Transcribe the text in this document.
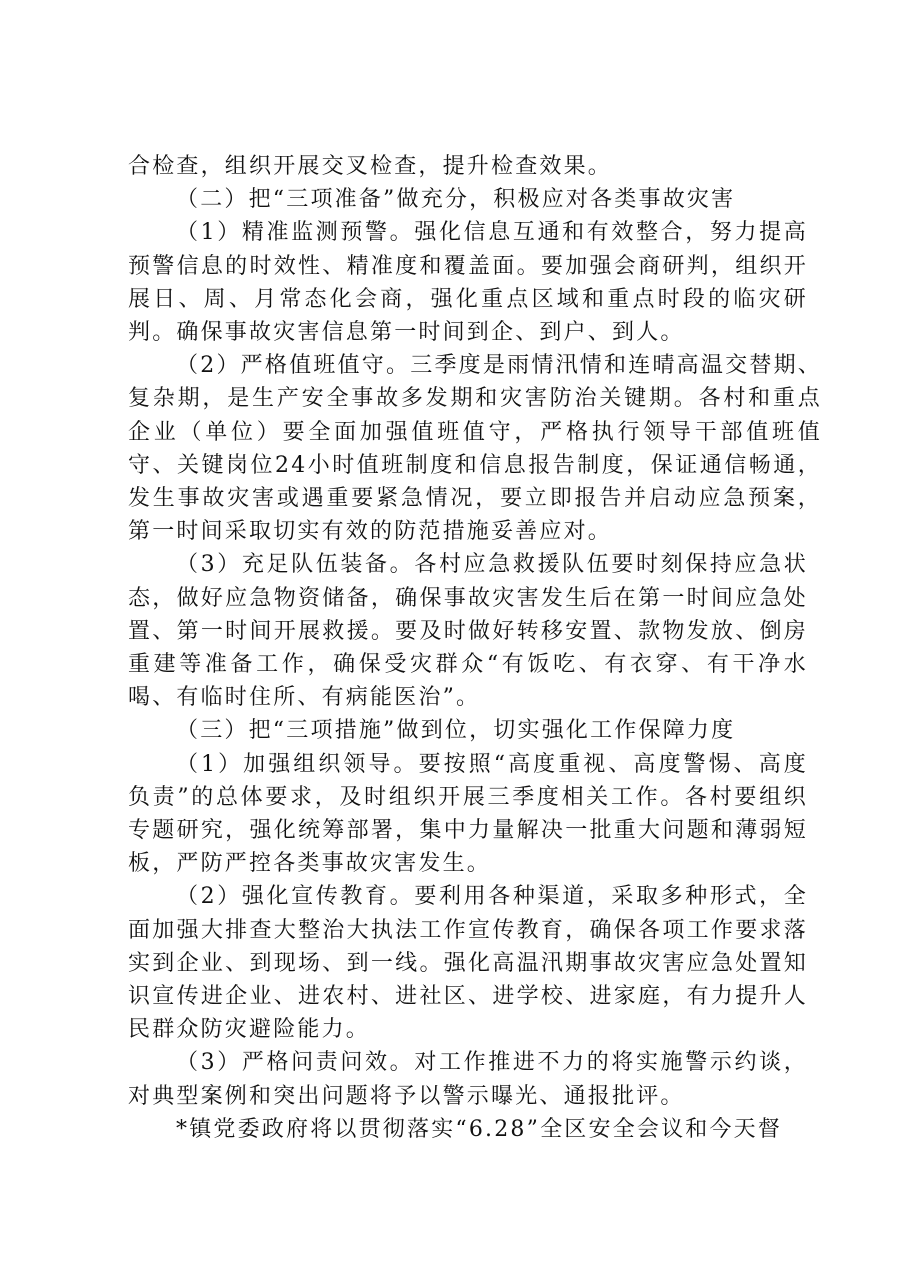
合检查，组织开展交叉检查，提升检查效果。

（二）把“三项准备”做充分，积极应对各类事故灾害

（1）精准监测预警。强化信息互通和有效整合，努力提高预警信息的时效性、精准度和覆盖面。要加强会商研判，组织开展日、周、月常态化会商，强化重点区域和重点时段的临灾研判。确保事故灾害信息第一时间到企、到户、到人。

（2）严格值班值守。三季度是雨情汛情和连晴高温交替期、复杂期，是生产安全事故多发期和灾害防治关键期。各村和重点企业（单位）要全面加强值班值守，严格执行领导干部值班值守、关键岗位24小时值班制度和信息报告制度，保证通信畅通，发生事故灾害或遇重要紧急情况，要立即报告并启动应急预案，第一时间采取切实有效的防范措施妥善应对。

（3）充足队伍装备。各村应急救援队伍要时刻保持应急状态，做好应急物资储备，确保事故灾害发生后在第一时间应急处置、第一时间开展救援。要及时做好转移安置、款物发放、倒房重建等准备工作，确保受灾群众“有饭吃、有衣穿、有干净水喝、有临时住所、有病能医治”。

（三）把“三项措施”做到位，切实强化工作保障力度

（1）加强组织领导。要按照“高度重视、高度警惕、高度负责”的总体要求，及时组织开展三季度相关工作。各村要组织专题研究，强化统筹部署，集中力量解决一批重大问题和薄弱短板，严防严控各类事故灾害发生。

（2）强化宣传教育。要利用各种渠道，采取多种形式，全面加强大排查大整治大执法工作宣传教育，确保各项工作要求落实到企业、到现场、到一线。强化高温汛期事故灾害应急处置知识宣传进企业、进农村、进社区、进学校、进家庭，有力提升人民群众防灾避险能力。

（3）严格问责问效。对工作推进不力的将实施警示约谈，对典型案例和突出问题将予以警示曝光、通报批评。

*镇党委政府将以贯彻落实“6.28”全区安全会议和今天督
